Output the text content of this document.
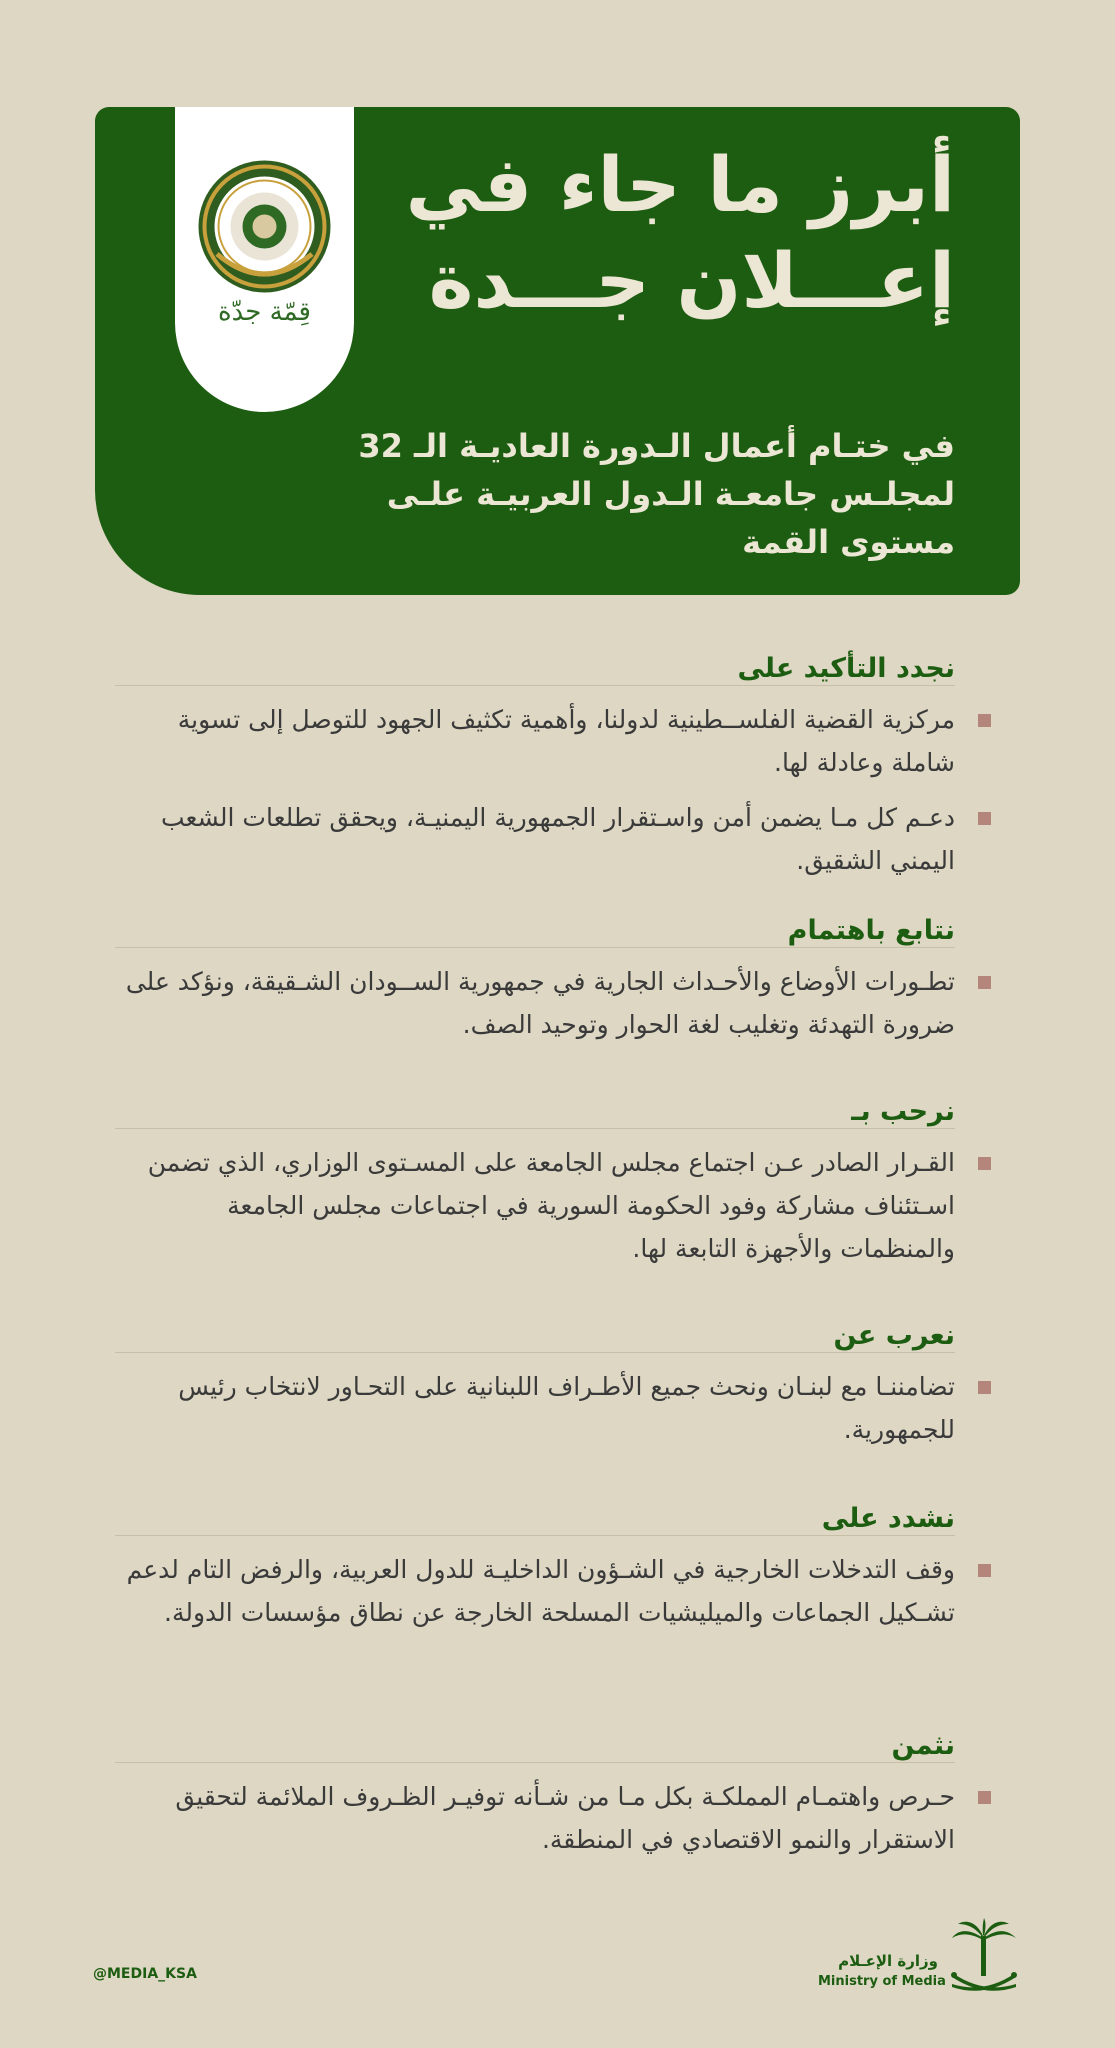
قِمّة جدّة
أبرز ما جاء في
إعـــلان جـــدة
في ختـام أعمال الـدورة العاديـة الـ 32 لمجلـس جامعـة الـدول العربيـة علـى مستوى القمة
نجدد التأكيد على
مركزية القضية الفلســطينية لدولنا، وأهمية تكثيف الجهود للتوصل إلى تسوية شاملة وعادلة لها.
دعـم كل مـا يضمن أمن واسـتقرار الجمهورية اليمنيـة، ويحقق تطلعات الشعب اليمني الشقيق.
نتابع باهتمام
تطـورات الأوضاع والأحـداث الجارية في جمهورية الســودان الشـقيقة، ونؤكد على ضرورة التهدئة وتغليب لغة الحوار وتوحيد الصف.
نرحب بـ
القـرار الصادر عـن اجتماع مجلس الجامعة على المسـتوى الوزاري، الذي تضمن اسـتئناف مشاركة وفود الحكومة السورية في اجتماعات مجلس الجامعة والمنظمات والأجهزة التابعة لها.
نعرب عن
تضامننـا مع لبنـان ونحث جميع الأطـراف اللبنانية على التحـاور لانتخاب رئيس للجمهورية.
نشدد على
وقف التدخلات الخارجية في الشـؤون الداخليـة للدول العربية، والرفض التام لدعم تشـكيل الجماعات والميليشيات المسلحة الخارجة عن نطاق مؤسسات الدولة.
نثمن
حـرص واهتمـام المملكـة بكل مـا من شـأنه توفيـر الظـروف الملائمة لتحقيق الاستقرار والنمو الاقتصادي في المنطقة.
@MEDIA_KSA
وزارة الإعـلام
Ministry of Media
